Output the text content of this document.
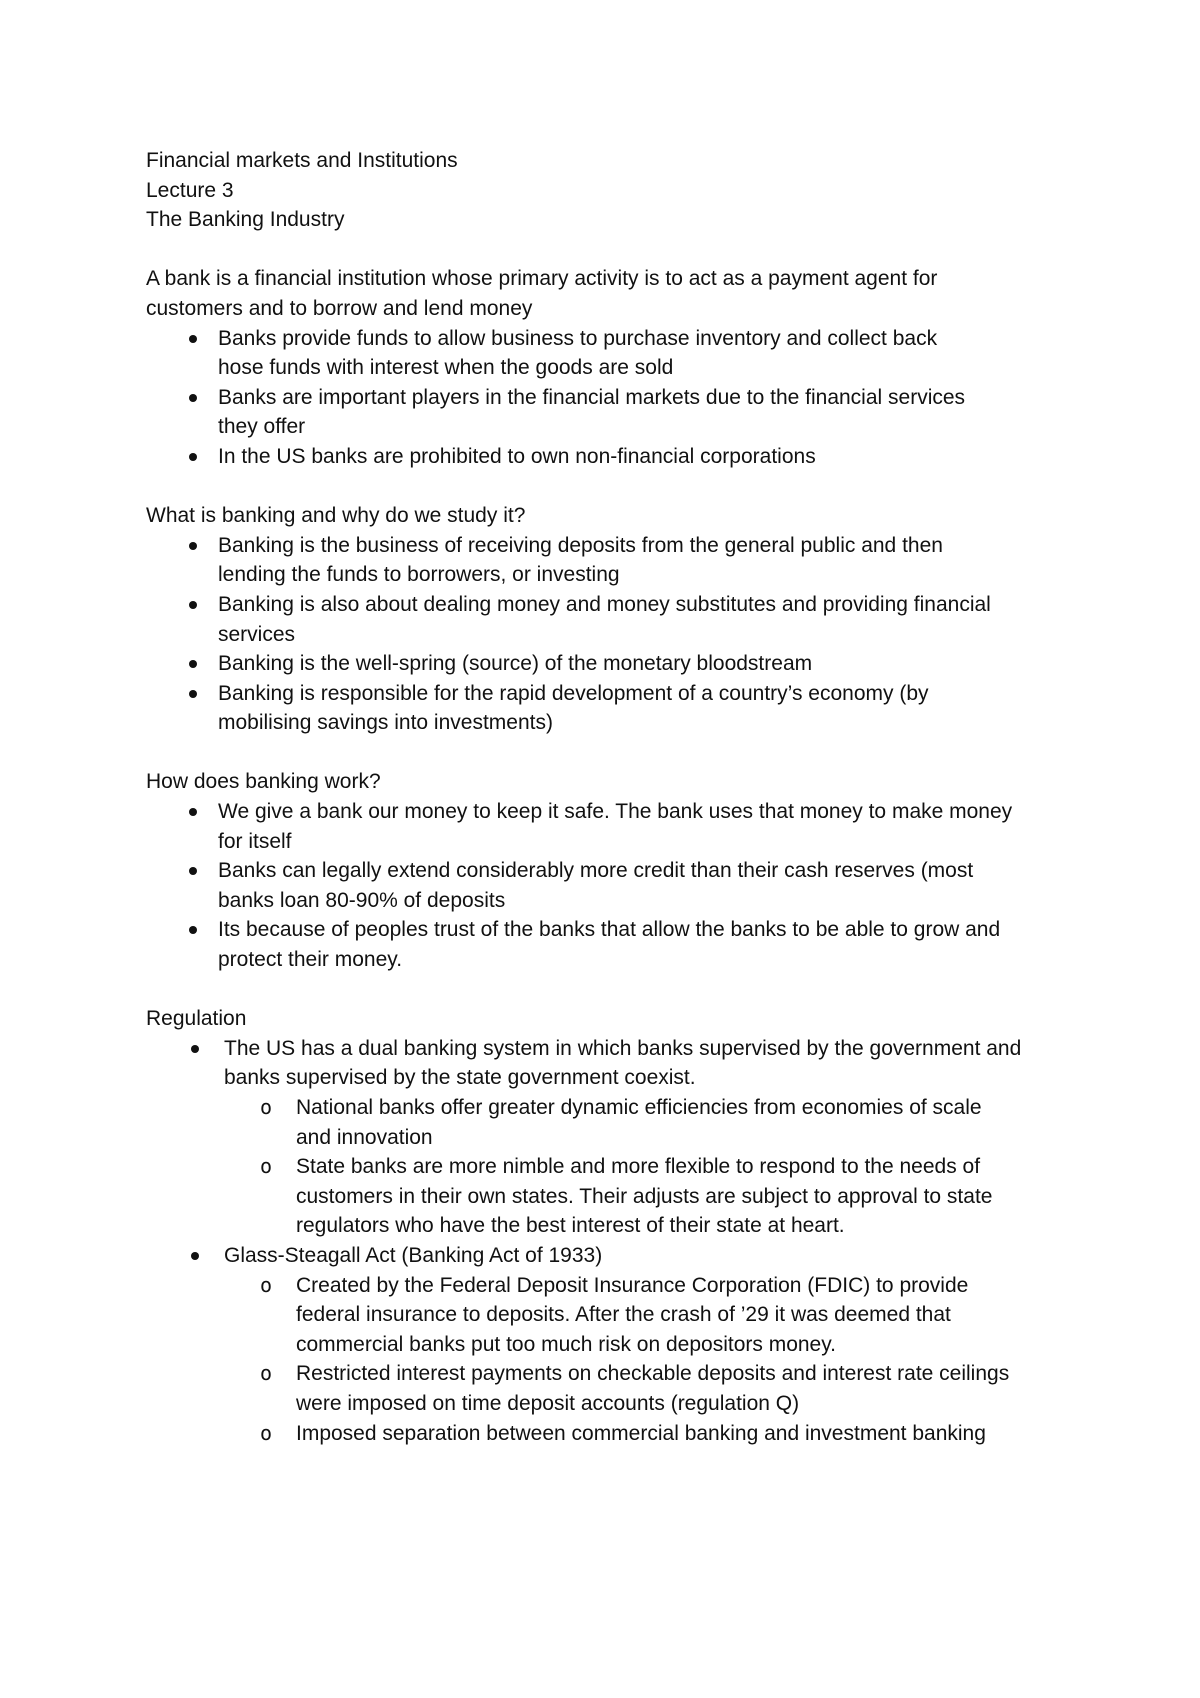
Financial markets and Institutions
Lecture 3
The Banking Industry
A bank is a financial institution whose primary activity is to act as a payment agent for customers and to borrow and lend money
Banks provide funds to allow business to purchase inventory and collect back hose funds with interest when the goods are sold
Banks are important players in the financial markets due to the financial services they offer
In the US banks are prohibited to own non-financial corporations
What is banking and why do we study it?
Banking is the business of receiving deposits from the general public and then lending the funds to borrowers, or investing
Banking is also about dealing money and money substitutes and providing financial services
Banking is the well-spring (source) of the monetary bloodstream
Banking is responsible for the rapid development of a country’s economy (by mobilising savings into investments)
How does banking work?
We give a bank our money to keep it safe. The bank uses that money to make money for itself
Banks can legally extend considerably more credit than their cash reserves (most banks loan 80-90% of deposits
Its because of peoples trust of the banks that allow the banks to be able to grow and protect their money.
Regulation
The US has a dual banking system in which banks supervised by the government and banks supervised by the state government coexist.
o National banks offer greater dynamic efficiencies from economies of scale and innovation
o State banks are more nimble and more flexible to respond to the needs of customers in their own states. Their adjusts are subject to approval to state regulators who have the best interest of their state at heart.
Glass-Steagall Act (Banking Act of 1933)
o Created by the Federal Deposit Insurance Corporation (FDIC) to provide federal insurance to deposits. After the crash of ’29 it was deemed that commercial banks put too much risk on depositors money.
o Restricted interest payments on checkable deposits and interest rate ceilings were imposed on time deposit accounts (regulation Q)
o Imposed separation between commercial banking and investment banking
